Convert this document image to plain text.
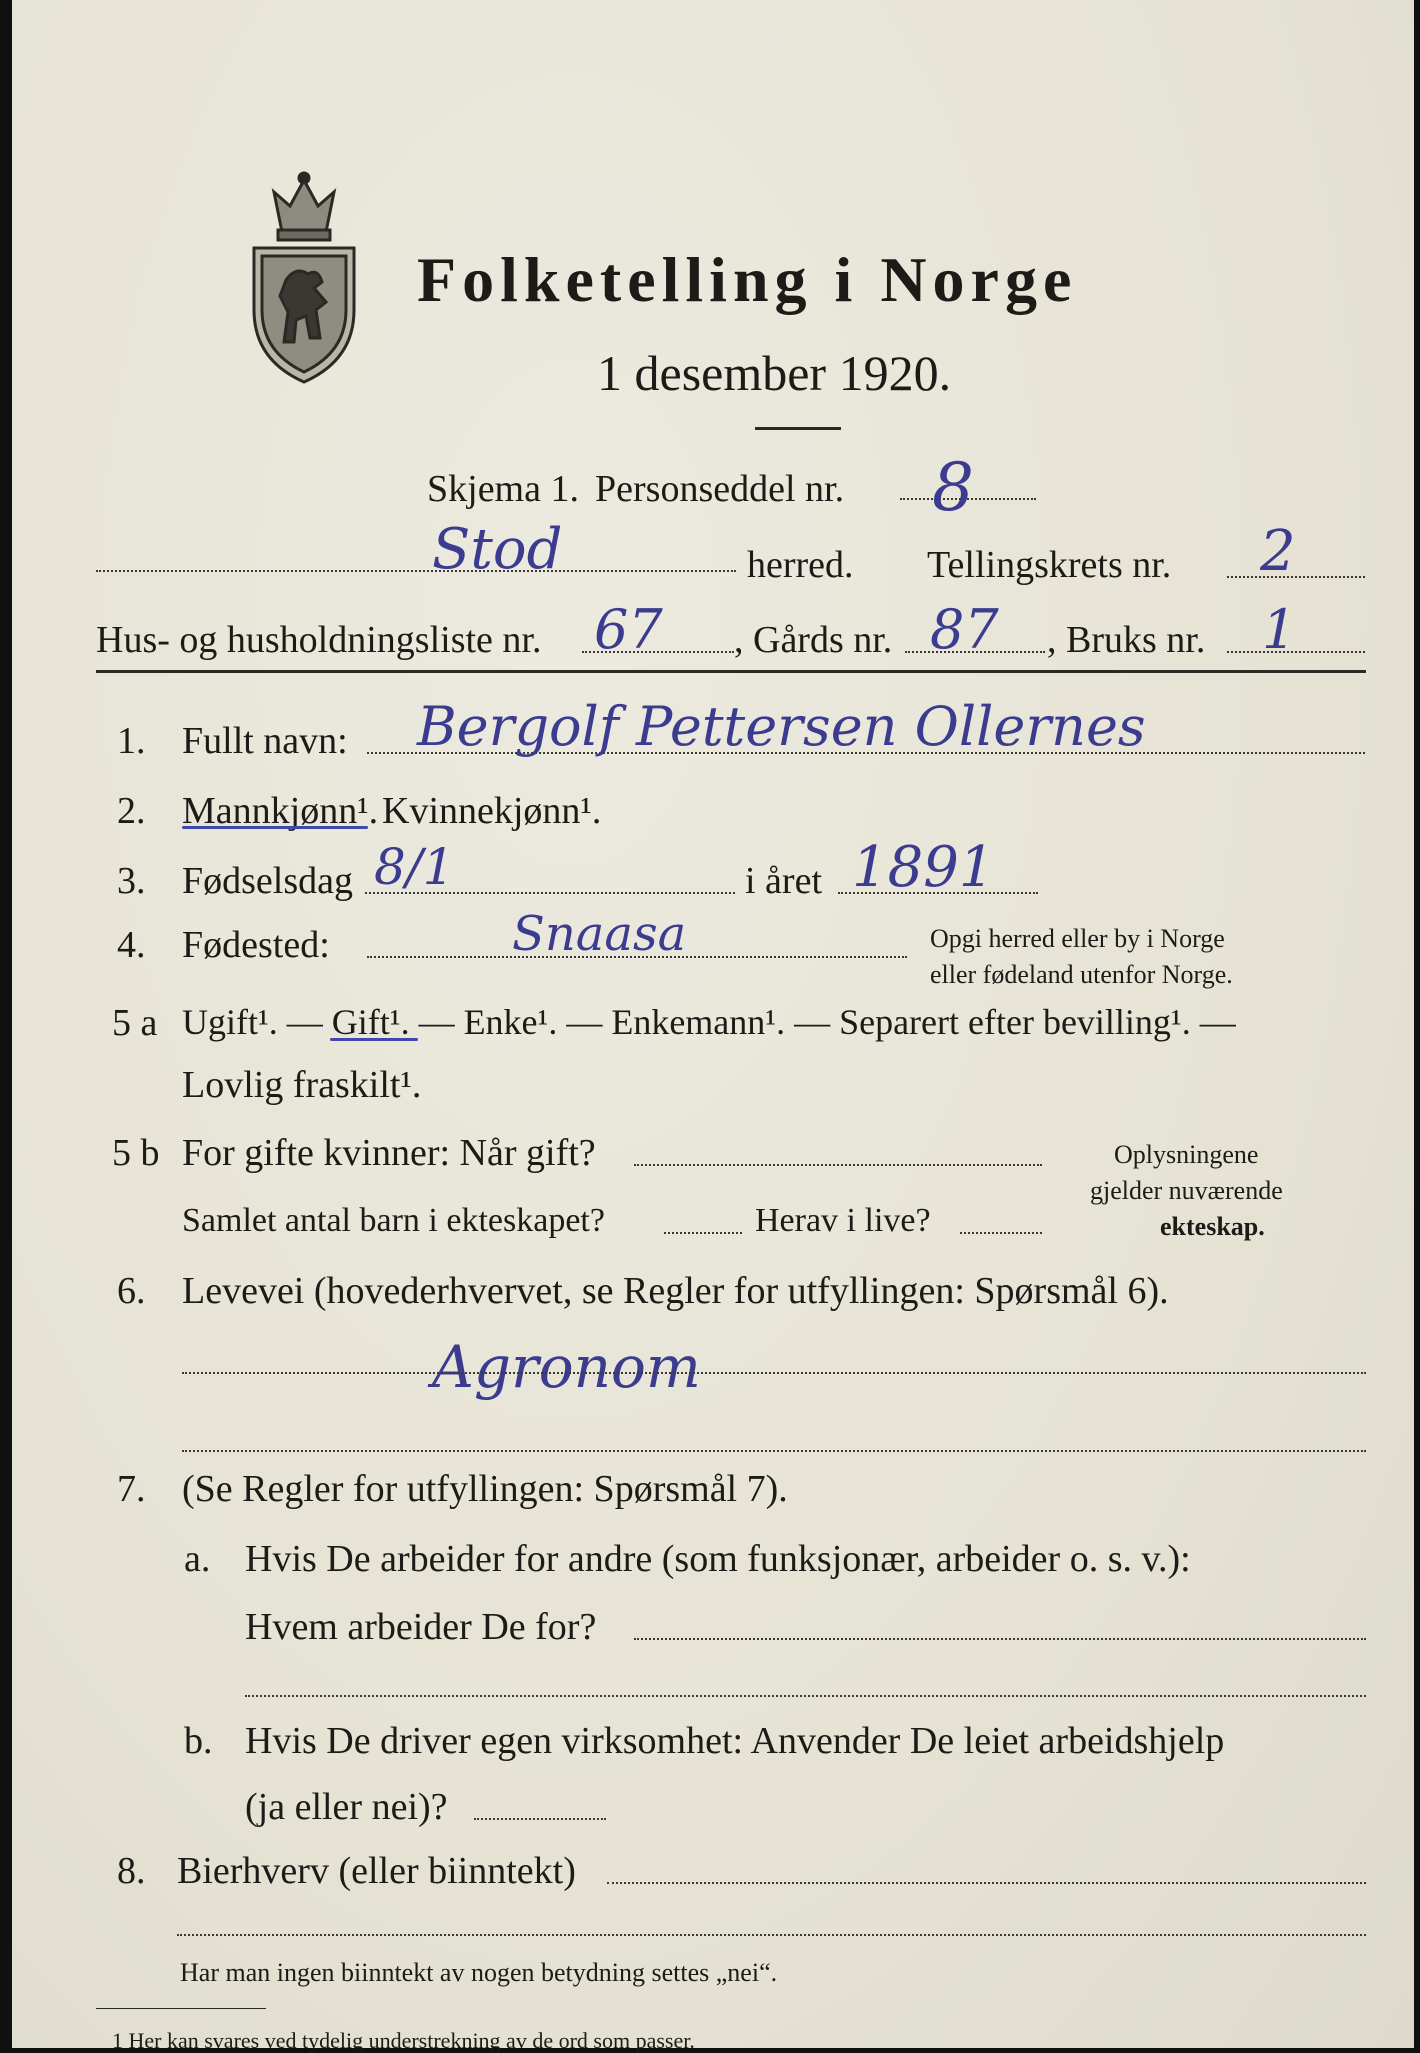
Folketelling i Norge
1 desember 1920.
Skjema 1. Personseddel nr. 8
Stod	herred. Tellingskrets nr. 2
Hus- og husholdningsliste nr. 67 , Gårds nr. 87 , Bruks nr. 1
1. Fullt navn: Bergolf Pettersen Ollernes
2. Mannkjønn¹. Kvinnekjønn¹.
3. Fødselsdag 8/1	i året 1891
4. Fødested:	Snaasa	Opgi herred eller by i Norge
eller fødeland utenfor Norge.
5 a Ugift¹. — Gift¹. — Enke¹. — Enkemann¹. — Separert efter bevilling¹. —
Lovlig fraskilt¹.
5 b For gifte kvinner: Når gift?
Samlet antal barn i ekteskapet?	Herav i live?
Oplysningene
gjelder nuværende
ekteskap.
6. Levevei (hovederhvervet, se Regler for utfyllingen: Spørsmål 6).
Agronom
7. (Se Regler for utfyllingen: Spørsmål 7).
a. Hvis De arbeider for andre (som funksjonær, arbeider o. s. v.):
Hvem arbeider De for?
b. Hvis De driver egen virksomhet: Anvender De leiet arbeidshjelp
(ja eller nei)?
8. Bierhverv (eller biinntekt)
Har man ingen biinntekt av nogen betydning settes „nei“.
1 Her kan svares ved tydelig understrekning av de ord som passer.
